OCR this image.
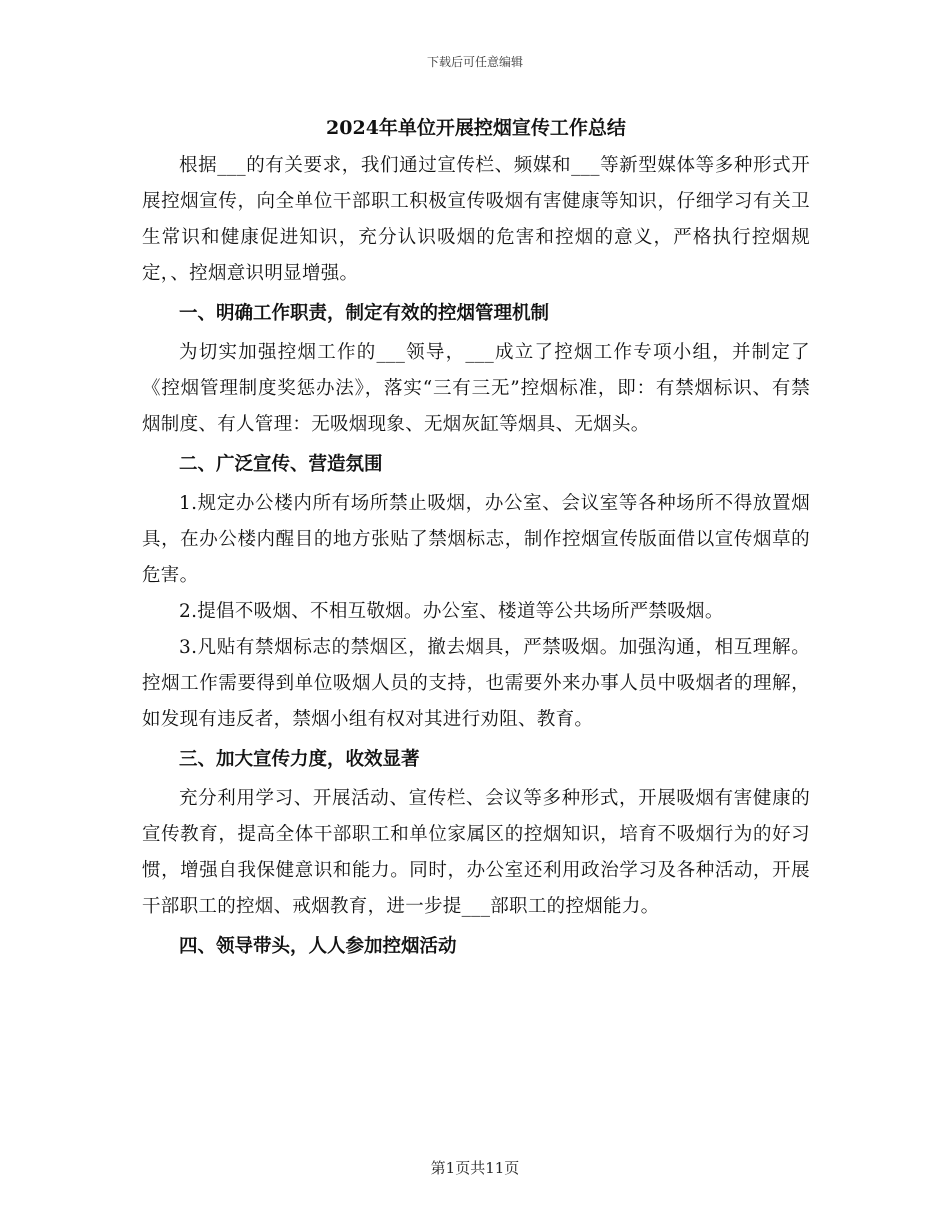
下载后可任意编辑
2024年单位开展控烟宣传工作总结

根据___的有关要求，我们通过宣传栏、频媒和___等新型媒体等多种形式开展控烟宣传，向全单位干部职工积极宣传吸烟有害健康等知识，仔细学习有关卫生常识和健康促进知识，充分认识吸烟的危害和控烟的意义，严格执行控烟规定，、控烟意识明显增强。

一、明确工作职责，制定有效的控烟管理机制

为切实加强控烟工作的___领导，___成立了控烟工作专项小组，并制定了《控烟管理制度奖惩办法》，落实“三有三无”控烟标准，即：有禁烟标识、有禁烟制度、有人管理：无吸烟现象、无烟灰缸等烟具、无烟头。

二、广泛宣传、营造氛围

1.规定办公楼内所有场所禁止吸烟，办公室、会议室等各种场所不得放置烟具，在办公楼内醒目的地方张贴了禁烟标志，制作控烟宣传版面借以宣传烟草的危害。

2.提倡不吸烟、不相互敬烟。办公室、楼道等公共场所严禁吸烟。

3.凡贴有禁烟标志的禁烟区，撤去烟具，严禁吸烟。加强沟通，相互理解。控烟工作需要得到单位吸烟人员的支持，也需要外来办事人员中吸烟者的理解，如发现有违反者，禁烟小组有权对其进行劝阻、教育。

三、加大宣传力度，收效显著

充分利用学习、开展活动、宣传栏、会议等多种形式，开展吸烟有害健康的宣传教育，提高全体干部职工和单位家属区的控烟知识，培育不吸烟行为的好习惯，增强自我保健意识和能力。同时，办公室还利用政治学习及各种活动，开展干部职工的控烟、戒烟教育，进一步提___部职工的控烟能力。

四、领导带头，人人参加控烟活动
第1页共11页
